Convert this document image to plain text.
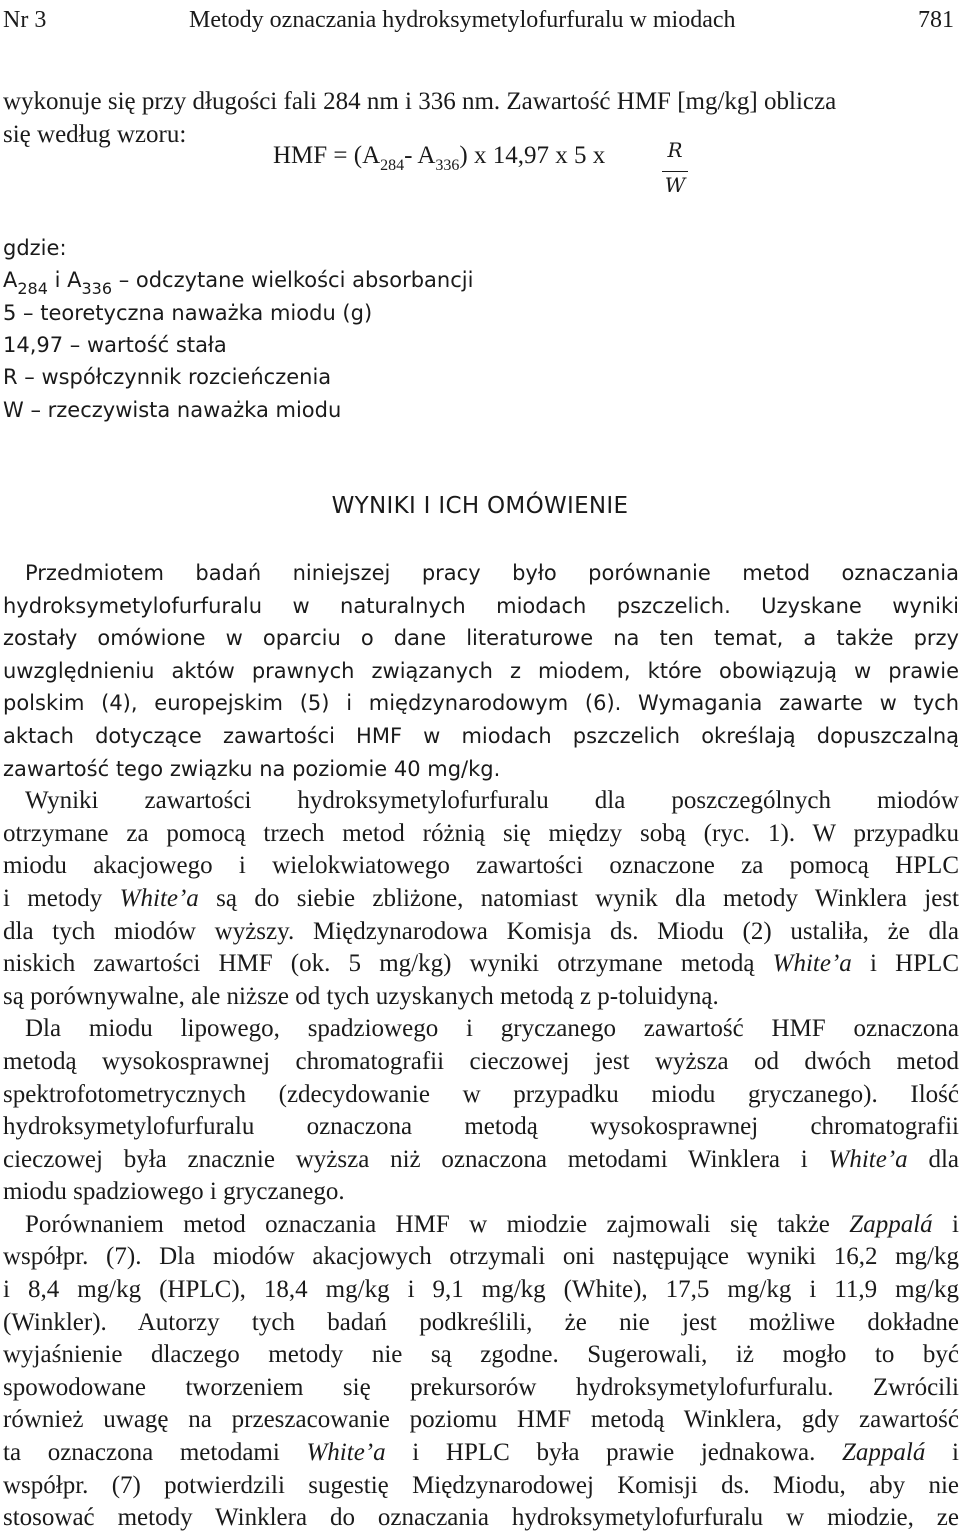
Nr 3	Metody oznaczania hydroksymetylofurfuralu w miodach	781
wykonuje się przy długości fali 284 nm i 336 nm. Zawartość HMF [mg/kg] oblicza
się według wzoru:
HMF = ($A_{284}-$ $A_{336}$) x 14,97 x 5 x	R
W
gdzie:
$A_{284}$ i $A_{336}$ – odczytane wielkości absorbancji
5 – teoretyczna naważka miodu (g)
14,97 – wartość stała
R – współczynnik rozcieńczenia
W – rzeczywista naważka miodu
WYNIKI I ICH OMÓWIENIE

Przedmiotem badań niniejszej pracy było porównanie metod oznaczania
hydroksymetylofurfuralu w naturalnych miodach pszczelich. Uzyskane wyniki
zostały omówione w oparciu o dane literaturowe na ten temat, a także przy
uwzględnieniu aktów prawnych związanych z miodem, które obowiązują w prawie
polskim (4), europejskim (5) i międzynarodowym (6). Wymagania zawarte w tych
aktach dotyczące zawartości HMF w miodach pszczelich określają dopuszczalną
zawartość tego związku na poziomie 40 mg/kg.

Wyniki zawartości hydroksymetylofurfuralu dla poszczególnych miodów
otrzymane za pomocą trzech metod różnią się między sobą (ryc. 1). W przypadku
miodu akacjowego i wielokwiatowego zawartości oznaczone za pomocą HPLC
i metody White’a są do siebie zbliżone, natomiast wynik dla metody Winklera jest
dla tych miodów wyższy. Międzynarodowa Komisja ds. Miodu (2) ustaliła, że dla
niskich zawartości HMF (ok. 5 mg/kg) wyniki otrzymane metodą White’a i HPLC
są porównywalne, ale niższe od tych uzyskanych metodą z p-toluidyną.

Dla miodu lipowego, spadziowego i gryczanego zawartość HMF oznaczona
metodą wysokosprawnej chromatografii cieczowej jest wyższa od dwóch metod
spektrofotometrycznych (zdecydowanie w przypadku miodu gryczanego). Ilość
hydroksymetylofurfuralu oznaczona metodą wysokosprawnej chromatografii
cieczowej była znacznie wyższa niż oznaczona metodami Winklera i White’a dla
miodu spadziowego i gryczanego.

Porównaniem metod oznaczania HMF w miodzie zajmowali się także Zappalá i
współpr. (7). Dla miodów akacjowych otrzymali oni następujące wyniki 16,2 mg/kg
i 8,4 mg/kg (HPLC), 18,4 mg/kg i 9,1 mg/kg (White), 17,5 mg/kg i 11,9 mg/kg
(Winkler). Autorzy tych badań podkreślili, że nie jest możliwe dokładne
wyjaśnienie dlaczego metody nie są zgodne. Sugerowali, iż mogło to być
spowodowane tworzeniem się prekursorów hydroksymetylofurfuralu. Zwrócili
również uwagę na przeszacowanie poziomu HMF metodą Winklera, gdy zawartość
ta oznaczona metodami White’a i HPLC była prawie jednakowa. Zappalá i
współpr. (7) potwierdzili sugestię Międzynarodowej Komisji ds. Miodu, aby nie
stosować metody Winklera do oznaczania hydroksymetylofurfuralu w miodzie, ze
